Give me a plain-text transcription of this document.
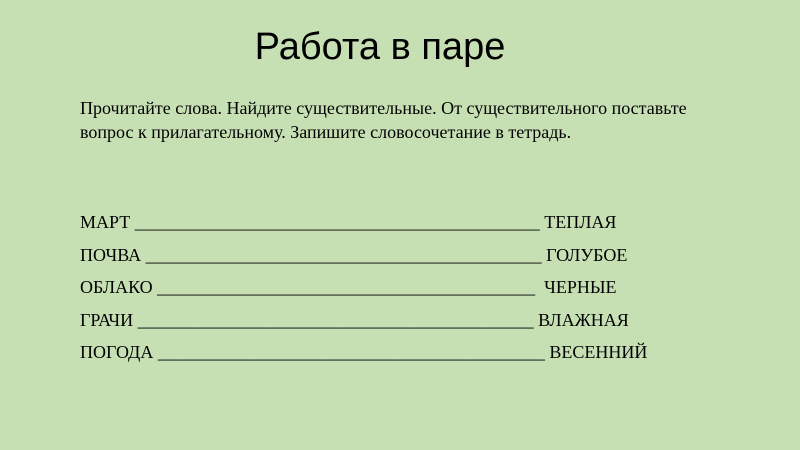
Работа в паре
Прочитайте слова. Найдите существительные. От существительного поставьте вопрос к прилагательному. Запишите словосочетание в тетрадь.
МАРТ _____________________________________________ ТЕПЛАЯ
ПОЧВА ____________________________________________ ГОЛУБОЕ
ОБЛАКО __________________________________________  ЧЕРНЫЕ
ГРАЧИ ____________________________________________ ВЛАЖНАЯ
ПОГОДА ___________________________________________ ВЕСЕННИЙ
